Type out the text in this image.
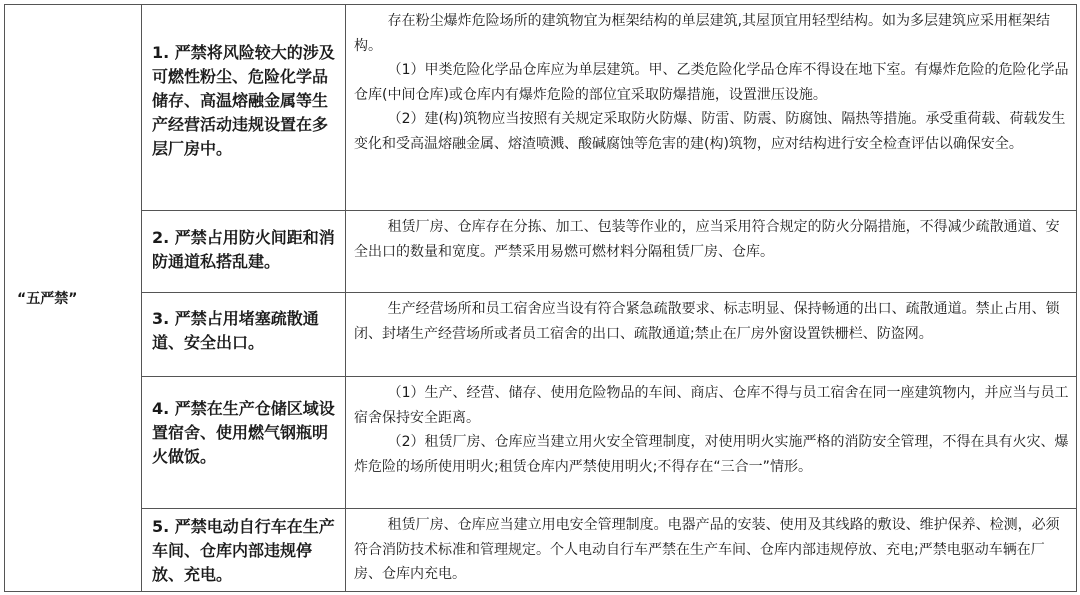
“五严禁”	1. 严禁将风险较大的涉及可燃性粉尘、危险化学品储存、高温熔融金属等生产经营活动违规设置在多层厂房中。	存在粉尘爆炸危险场所的建筑物宜为框架结构的单层建筑,其屋顶宜用轻型结构。如为多层建筑应采用框架结构。

（1）甲类危险化学品仓库应为单层建筑。甲、乙类危险化学品仓库不得设在地下室。有爆炸危险的危险化学品仓库(中间仓库)或仓库内有爆炸危险的部位宜采取防爆措施，设置泄压设施。

（2）建(构)筑物应当按照有关规定采取防火防爆、防雷、防震、防腐蚀、隔热等措施。承受重荷载、荷载发生变化和受高温熔融金属、熔渣喷溅、酸碱腐蚀等危害的建(构)筑物，应对结构进行安全检查评估以确保安全。

	2. 严禁占用防火间距和消防通道私搭乱建。	租赁厂房、仓库存在分拣、加工、包装等作业的，应当采用符合规定的防火分隔措施，不得减少疏散通道、安全出口的数量和宽度。严禁采用易燃可燃材料分隔租赁厂房、仓库。

	3. 严禁占用堵塞疏散通道、安全出口。	生产经营场所和员工宿舍应当设有符合紧急疏散要求、标志明显、保持畅通的出口、疏散通道。禁止占用、锁闭、封堵生产经营场所或者员工宿舍的出口、疏散通道;禁止在厂房外窗设置铁栅栏、防盗网。

	4. 严禁在生产仓储区域设置宿舍、使用燃气钢瓶明火做饭。	（1）生产、经营、储存、使用危险物品的车间、商店、仓库不得与员工宿舍在同一座建筑物内，并应当与员工宿舍保持安全距离。

（2）租赁厂房、仓库应当建立用火安全管理制度，对使用明火实施严格的消防安全管理，不得在具有火灾、爆炸危险的场所使用明火;租赁仓库内严禁使用明火;不得存在“三合一”情形。

	5. 严禁电动自行车在生产车间、仓库内部违规停放、充电。	租赁厂房、仓库应当建立用电安全管理制度。电器产品的安装、使用及其线路的敷设、维护保养、检测，必须符合消防技术标准和管理规定。个人电动自行车严禁在生产车间、仓库内部违规停放、充电;严禁电驱动车辆在厂房、仓库内充电。
